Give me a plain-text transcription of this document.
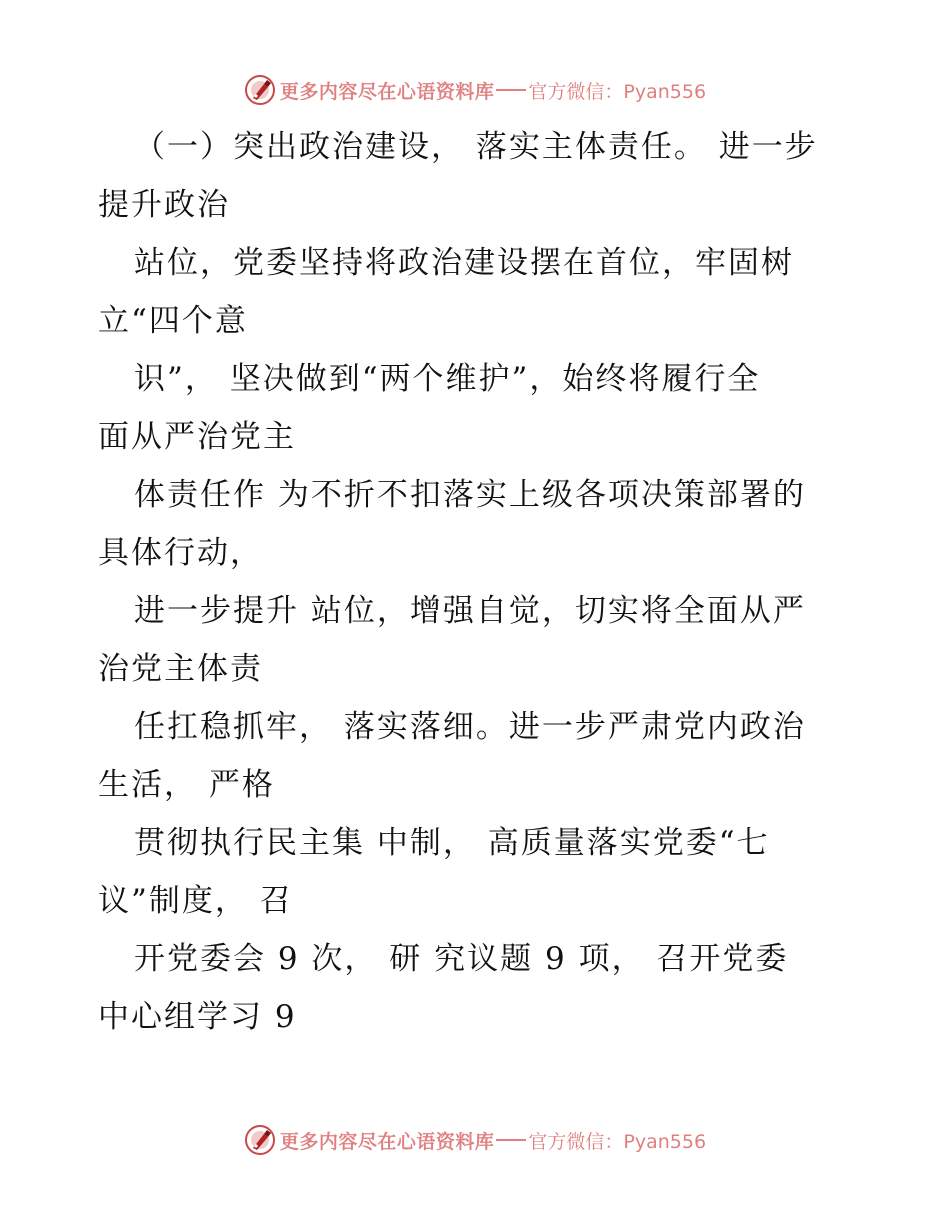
更多内容尽在心语资料库 官方微信：Pyan556
（一）突出政治建设， 落实主体责任。 进一步
提升政治
站位，党委坚持将政治建设摆在首位，牢固树
立“四个意
识”， 坚决做到“两个维护”，始终将履行全
面从严治党主
体责任作 为不折不扣落实上级各项决策部署的
具体行动，
进一步提升 站位，增强自觉，切实将全面从严
治党主体责
任扛稳抓牢， 落实落细。进一步严肃党内政治
生活， 严格
贯彻执行民主集 中制， 高质量落实党委“七
议”制度， 召
开党委会 9 次， 研 究议题 9 项， 召开党委
中心组学习 9
更多内容尽在心语资料库 官方微信：Pyan556
